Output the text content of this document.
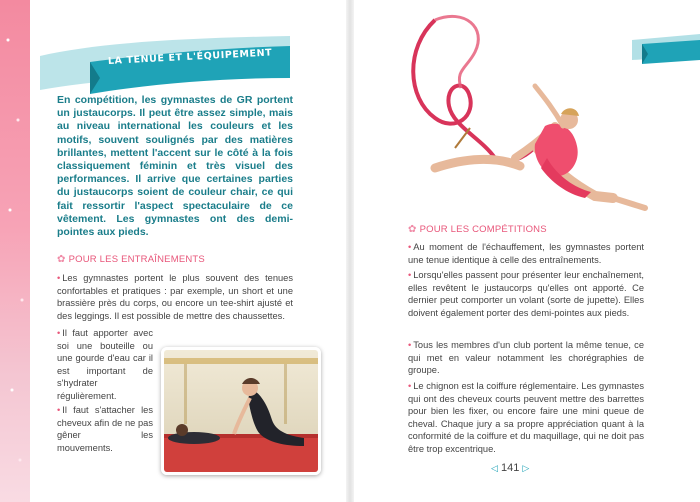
LA TENUE ET L'ÉQUIPEMENT

En compétition, les gymnastes de GR portent un justaucorps. Il peut être assez simple, mais au niveau international les couleurs et les motifs, souvent soulignés par des matières brillantes, mettent l'accent sur le côté à la fois classiquement féminin et très visuel des performances. Il arrive que certaines parties du justaucorps soient de couleur chair, ce qui fait ressortir l'aspect spectaculaire de ce vêtement. Les gymnastes ont des demi-pointes aux pieds.

✿ POUR LES ENTRAÎNEMENTS

• Les gymnastes portent le plus souvent des tenues confortables et pratiques : par exemple, un short et une brassière près du corps, ou encore un tee-shirt ajusté et des leggings. Il est possible de mettre des chaussettes.

• Il faut apporter avec soi une bouteille ou une gourde d'eau car il est important de s'hydrater régulièrement.

• Il faut s'attacher les cheveux afin de ne pas gêner les mouvements.

✿ POUR LES COMPÉTITIONS

• Au moment de l'échauffement, les gymnastes portent une tenue identique à celle des entraînements.

• Lorsqu'elles passent pour présenter leur enchaînement, elles revêtent le justaucorps qu'elles ont apporté. Ce dernier peut comporter un volant (sorte de jupette). Elles doivent également porter des demi-pointes aux pieds.

• Tous les membres d'un club portent la même tenue, ce qui met en valeur notamment les chorégraphies de groupe.

• Le chignon est la coiffure réglementaire. Les gymnastes qui ont des cheveux courts peuvent mettre des barrettes pour bien les fixer, ou encore faire une mini queue de cheval. Chaque jury a sa propre appréciation quant à la conformité de la coiffure et du maquillage, qui ne doit pas être trop excentrique.

◁ 141 ▷
